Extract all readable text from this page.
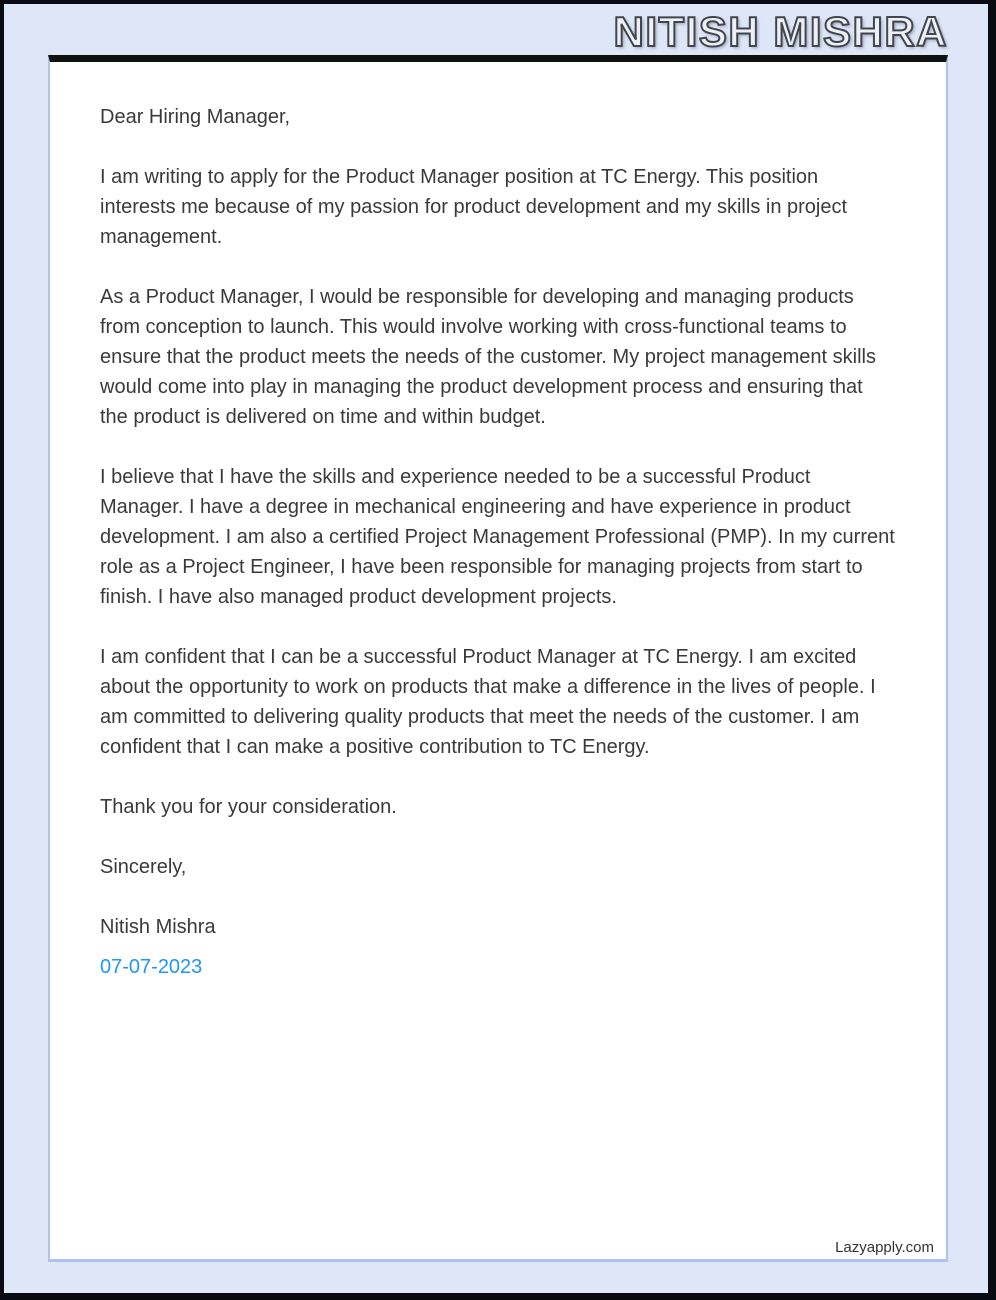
NITISH MISHRA

Dear Hiring Manager,

I am writing to apply for the Product Manager position at TC Energy. This position interests me because of my passion for product development and my skills in project management.

As a Product Manager, I would be responsible for developing and managing products from conception to launch. This would involve working with cross-functional teams to ensure that the product meets the needs of the customer. My project management skills would come into play in managing the product development process and ensuring that the product is delivered on time and within budget.

I believe that I have the skills and experience needed to be a successful Product Manager. I have a degree in mechanical engineering and have experience in product development. I am also a certified Project Management Professional (PMP). In my current role as a Project Engineer, I have been responsible for managing projects from start to finish. I have also managed product development projects.

I am confident that I can be a successful Product Manager at TC Energy. I am excited about the opportunity to work on products that make a difference in the lives of people. I am committed to delivering quality products that meet the needs of the customer. I am confident that I can make a positive contribution to TC Energy.

Thank you for your consideration.

Sincerely,

Nitish Mishra

07-07-2023

Lazyapply.com
